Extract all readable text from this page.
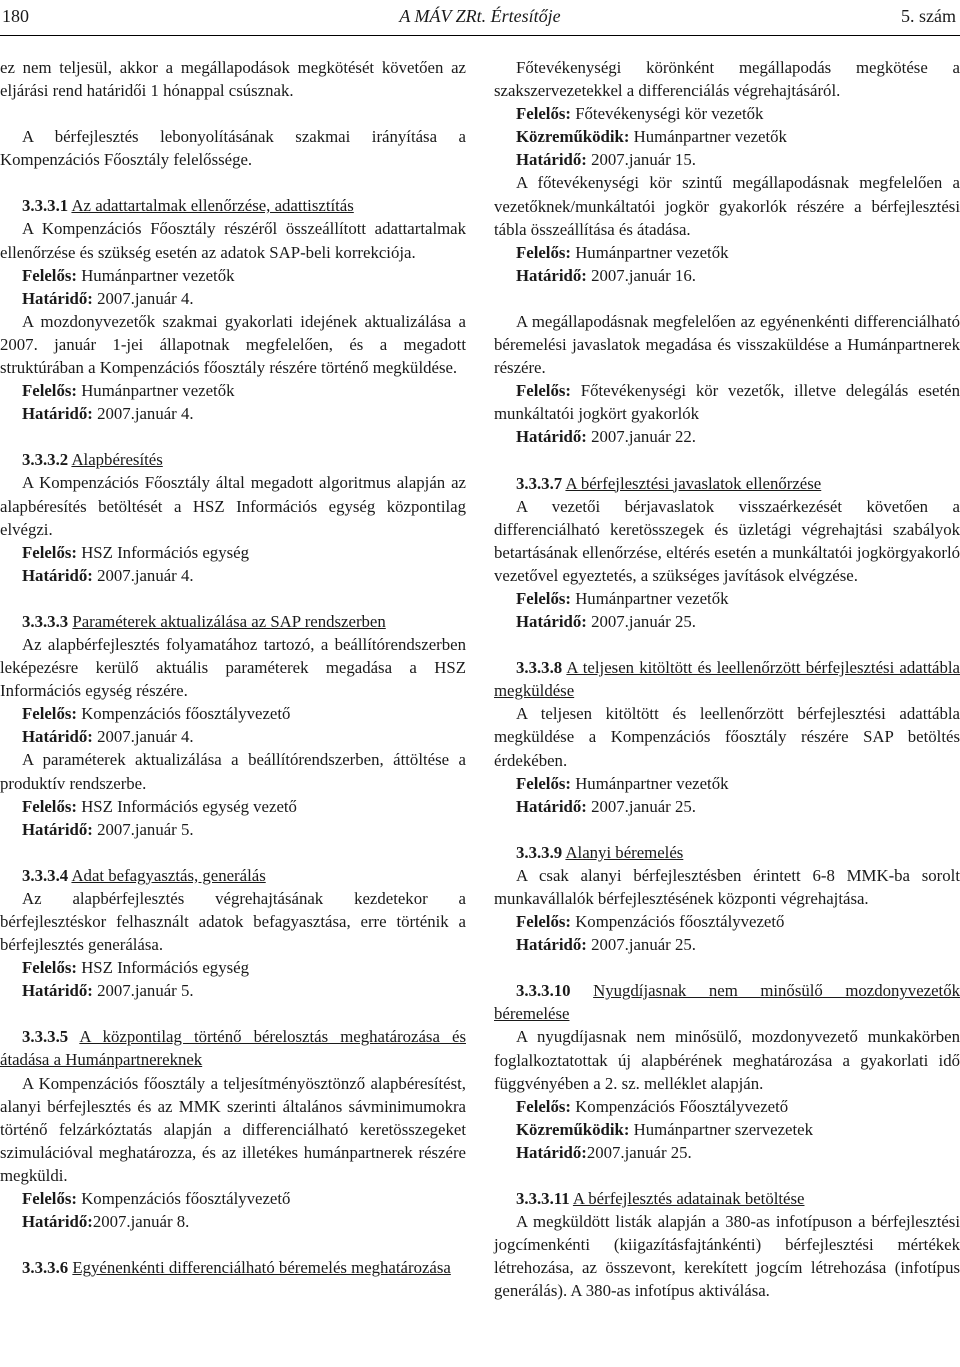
180	A MÁV ZRt. Értesítője	5. szám

ez nem teljesül, akkor a megállapodások megkötését követően az eljárási rend határidői 1 hónappal csúsznak.

A bérfejlesztés lebonyolításának szakmai irányítása a Kompenzációs Főosztály felelőssége.

3.3.3.1 Az adattartalmak ellenőrzése, adattisztítás

A Kompenzációs Főosztály részéről összeállított adattartalmak ellenőrzése és szükség esetén az adatok SAP-beli korrekciója.

Felelős: Humánpartner vezetők

Határidő: 2007.január 4.

A mozdonyvezetők szakmai gyakorlati idejének aktualizálása a 2007. január 1-jei állapotnak megfelelően, és a megadott struktúrában a Kompenzációs főosztály részére történő megküldése.

Felelős: Humánpartner vezetők

Határidő: 2007.január 4.

3.3.3.2 Alapbéresítés

A Kompenzációs Főosztály által megadott algoritmus alapján az alapbéresítés betöltését a HSZ Információs egység központilag elvégzi.

Felelős: HSZ Információs egység

Határidő: 2007.január 4.

3.3.3.3 Paraméterek aktualizálása az SAP rendszerben

Az alapbérfejlesztés folyamatához tartozó, a beállítórendszerben leképezésre kerülő aktuális paraméterek megadása a HSZ Információs egység részére.

Felelős: Kompenzációs főosztályvezető

Határidő: 2007.január 4.

A paraméterek aktualizálása a beállítórendszerben, áttöltése a produktív rendszerbe.

Felelős: HSZ Információs egység vezető

Határidő: 2007.január 5.

3.3.3.4 Adat befagyasztás, generálás

Az alapbérfejlesztés végrehajtásának kezdetekor a bérfejlesztéskor felhasznált adatok befagyasztása, erre történik a bérfejlesztés generálása.

Felelős: HSZ Információs egység

Határidő: 2007.január 5.

3.3.3.5 A központilag történő bérelosztás meghatározása és átadása a Humánpartnereknek

A Kompenzációs főosztály a teljesítményösztönző alapbéresítést, alanyi bérfejlesztés és az MMK szerinti általános sávminimumokra történő felzárkóztatás alapján a differenciálható keretösszegeket szimulációval meghatározza, és az illetékes humánpartnerek részére megküldi.

Felelős: Kompenzációs főosztályvezető

Határidő:2007.január 8.

3.3.3.6 Egyénenkénti differenciálható béremelés meghatározása

Főtevékenységi körönként megállapodás megkötése a szakszervezetekkel a differenciálás végrehajtásáról.

Felelős: Főtevékenységi kör vezetők

Közreműködik: Humánpartner vezetők

Határidő: 2007.január 15.

A főtevékenységi kör szintű megállapodásnak megfelelően a vezetőknek/munkáltatói jogkör gyakorlók részére a bérfejlesztési tábla összeállítása és átadása.

Felelős: Humánpartner vezetők

Határidő: 2007.január 16.

A megállapodásnak megfelelően az egyénenkénti differenciálható béremelési javaslatok megadása és visszaküldése a Humánpartnerek részére.

Felelős: Főtevékenységi kör vezetők, illetve delegálás esetén munkáltatói jogkört gyakorlók

Határidő: 2007.január 22.

3.3.3.7 A bérfejlesztési javaslatok ellenőrzése

A vezetői bérjavaslatok visszaérkezését követően a differenciálható keretösszegek és üzletági végrehajtási szabályok betartásának ellenőrzése, eltérés esetén a munkáltatói jogkörgyakorló vezetővel egyeztetés, a szükséges javítások elvégzése.

Felelős: Humánpartner vezetők

Határidő: 2007.január 25.

3.3.3.8 A teljesen kitöltött és leellenőrzött bérfejlesztési adattábla megküldése

A teljesen kitöltött és leellenőrzött bérfejlesztési adattábla megküldése a Kompenzációs főosztály részére SAP betöltés érdekében.

Felelős: Humánpartner vezetők

Határidő: 2007.január 25.

3.3.3.9 Alanyi béremelés

A csak alanyi bérfejlesztésben érintett 6-8 MMK-ba sorolt munkavállalók bérfejlesztésének központi végrehajtása.

Felelős: Kompenzációs főosztályvezető

Határidő: 2007.január 25.

3.3.3.10 Nyugdíjasnak nem minősülő mozdonyvezetők béremelése

A nyugdíjasnak nem minősülő, mozdonyvezető munkakörben foglalkoztatottak új alapbérének meghatározása a gyakorlati idő függvényében a 2. sz. melléklet alapján.

Felelős: Kompenzációs Főosztályvezető

Közreműködik: Humánpartner szervezetek

Határidő:2007.január 25.

3.3.3.11 A bérfejlesztés adatainak betöltése

A megküldött listák alapján a 380-as infotípuson a bérfejlesztési jogcímenkénti (kiigazításfajtánkénti) bérfejlesztési mértékek létrehozása, az összevont, kerekített jogcím létrehozása (infotípus generálás). A 380-as infotípus aktiválása.
